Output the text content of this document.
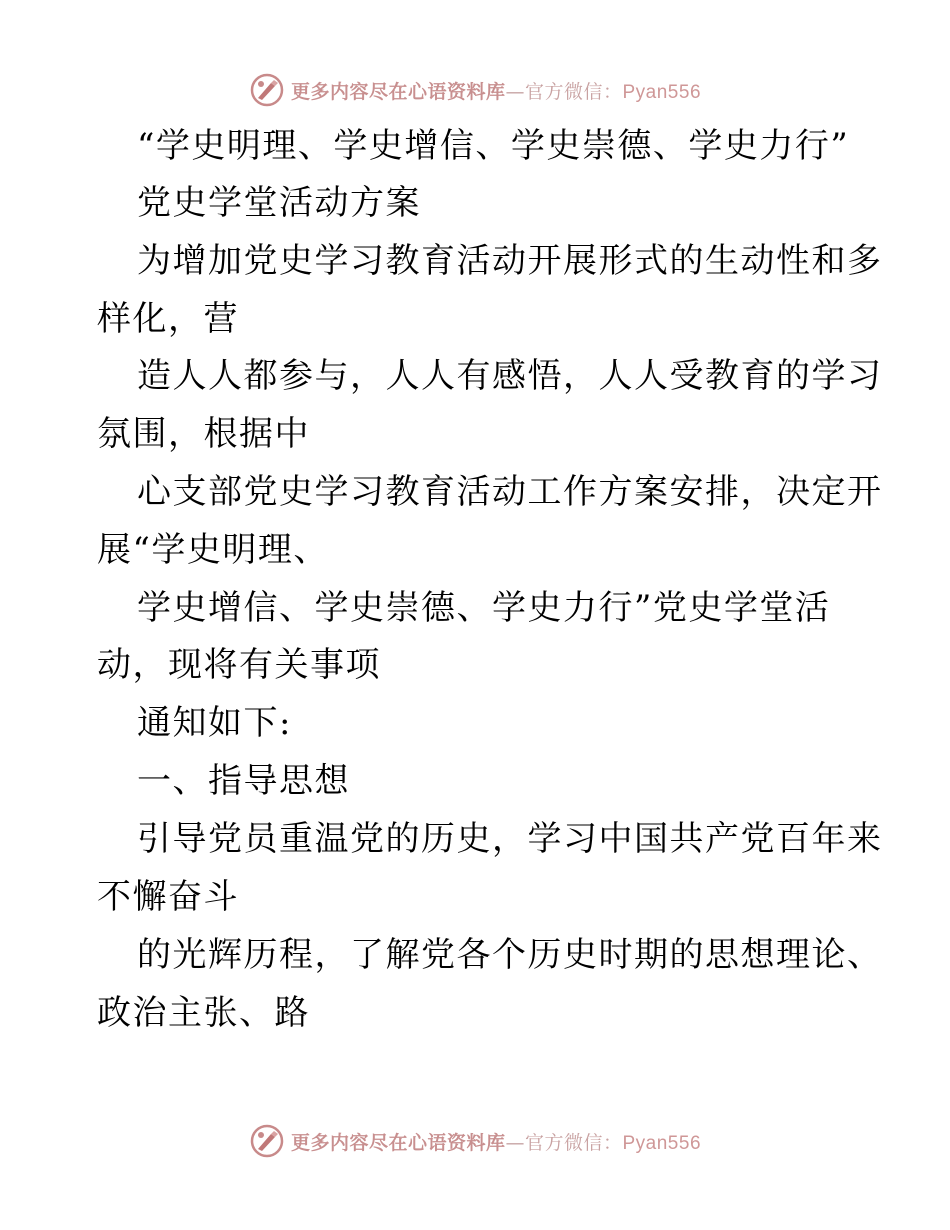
更多内容尽在心语资料库—官方微信：Pyan556
“学史明理、学史增信、学史崇德、学史力行”
党史学堂活动方案
为增加党史学习教育活动开展形式的生动性和多
样化，营
造人人都参与，人人有感悟，人人受教育的学习
氛围，根据中
心支部党史学习教育活动工作方案安排，决定开
展“学史明理、
学史增信、学史崇德、学史力行”党史学堂活
动，现将有关事项
通知如下:
一、指导思想
引导党员重温党的历史，学习中国共产党百年来
不懈奋斗
的光辉历程，了解党各个历史时期的思想理论、
政治主张、路
更多内容尽在心语资料库—官方微信：Pyan556
